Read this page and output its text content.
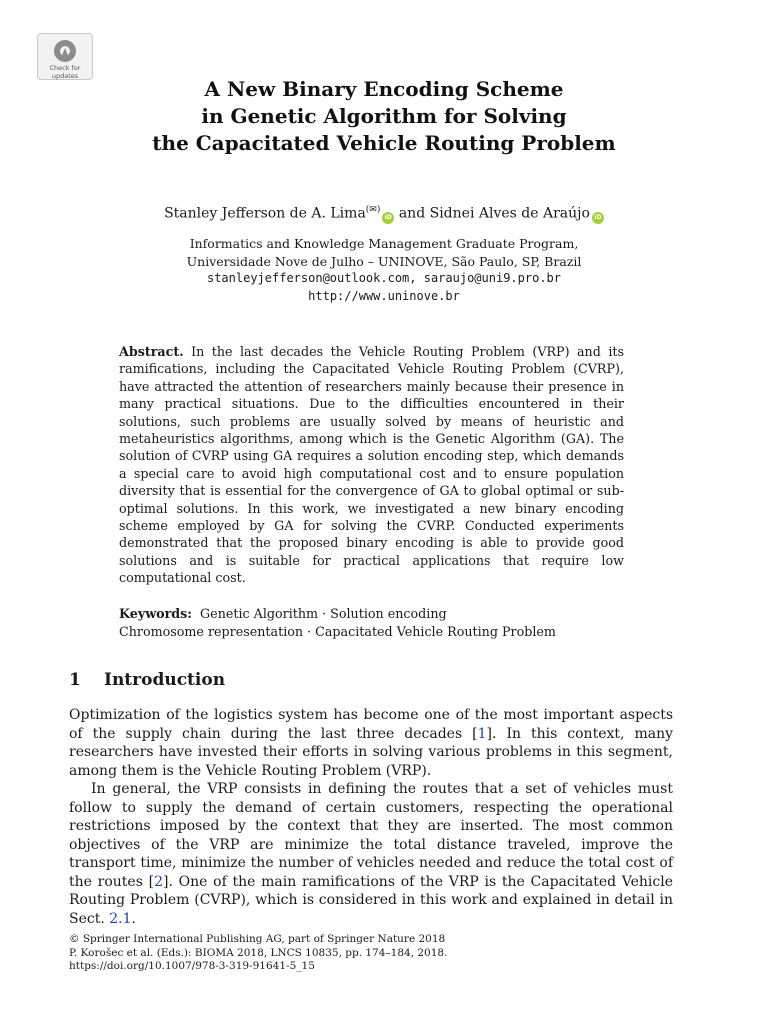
Check for
updates
A New Binary Encoding Scheme
in Genetic Algorithm for Solving
the Capacitated Vehicle Routing Problem
Stanley Jefferson de A. Lima(✉)iD and Sidnei Alves de Araújo iD
Informatics and Knowledge Management Graduate Program,
Universidade Nove de Julho – UNINOVE, São Paulo, SP, Brazil
stanleyjefferson@outlook.com, saraujo@uni9.pro.br
http://www.uninove.br
Abstract. In the last decades the Vehicle Routing Problem (VRP) and its ramifications, including the Capacitated Vehicle Routing Problem (CVRP), have attracted the attention of researchers mainly because their presence in many practical situations. Due to the difficulties encountered in their solutions, such problems are usually solved by means of heuristic and metaheuristics algorithms, among which is the Genetic Algorithm (GA). The solution of CVRP using GA requires a solution encoding step, which demands a special care to avoid high computational cost and to ensure population diversity that is essential for the convergence of GA to global optimal or sub-optimal solutions. In this work, we investigated a new binary encoding scheme employed by GA for solving the CVRP. Conducted experiments demonstrated that the proposed binary encoding is able to provide good solutions and is suitable for practical applications that require low computational cost.
Keywords: Genetic Algorithm · Solution encoding
Chromosome representation · Capacitated Vehicle Routing Problem
1 Introduction

Optimization of the logistics system has become one of the most important aspects of the supply chain during the last three decades [1]. In this context, many researchers have invested their efforts in solving various problems in this segment, among them is the Vehicle Routing Problem (VRP).

In general, the VRP consists in defining the routes that a set of vehicles must follow to supply the demand of certain customers, respecting the operational restrictions imposed by the context that they are inserted. The most common objectives of the VRP are minimize the total distance traveled, improve the transport time, minimize the number of vehicles needed and reduce the total cost of the routes [2]. One of the main ramifications of the VRP is the Capacitated Vehicle Routing Problem (CVRP), which is considered in this work and explained in detail in Sect. 2.1.

© Springer International Publishing AG, part of Springer Nature 2018
P. Korošec et al. (Eds.): BIOMA 2018, LNCS 10835, pp. 174–184, 2018.
https://doi.org/10.1007/978-3-319-91641-5_15
